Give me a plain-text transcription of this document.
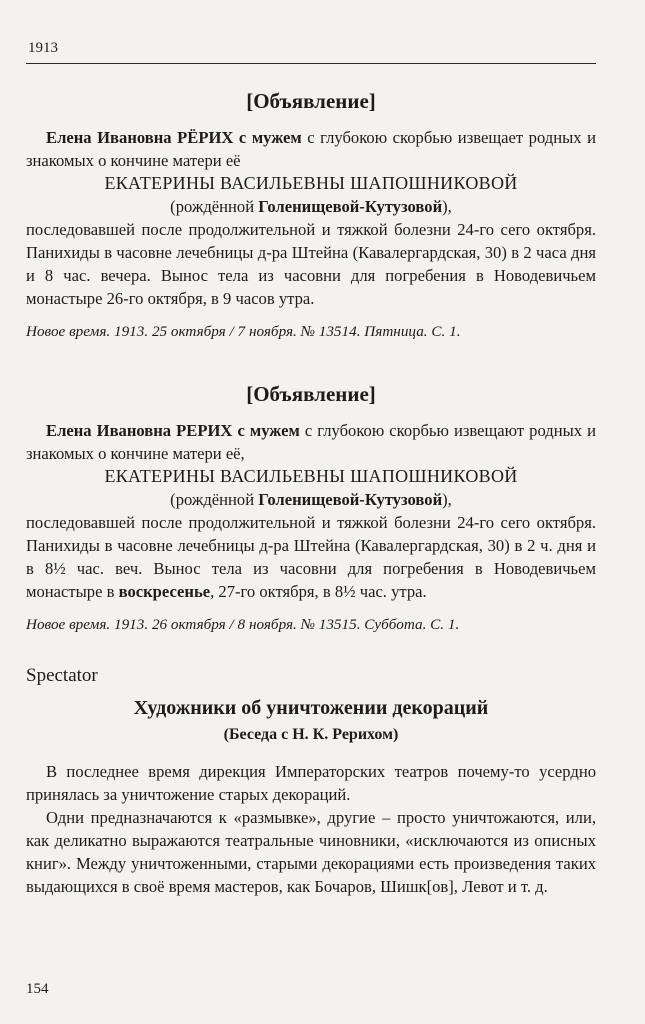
1913
[Объявление]

Елена Ивановна РЁРИХ с мужем с глубокою скорбью извещает родных и знакомых о кончине матери её

ЕКАТЕРИНЫ ВАСИЛЬЕВНЫ ШАПОШНИКОВОЙ

(рождённой Голенищевой-Кутузовой),

последовавшей после продолжительной и тяжкой болезни 24-го сего октября. Панихиды в часовне лечебницы д-ра Штейна (Кавалергардская, 30) в 2 часа дня и 8 час. вечера. Вынос тела из часовни для погребения в Новодевичьем монастыре 26-го октября, в 9 часов утра.

Новое время. 1913. 25 октября / 7 ноября. № 13514. Пятница. С. 1.

[Объявление]

Елена Ивановна РЕРИХ с мужем с глубокою скорбью извещают родных и знакомых о кончине матери её,

ЕКАТЕРИНЫ ВАСИЛЬЕВНЫ ШАПОШНИКОВОЙ

(рождённой Голенищевой-Кутузовой),

последовавшей после продолжительной и тяжкой болезни 24-го сего октября. Панихиды в часовне лечебницы д-ра Штейна (Кавалергардская, 30) в 2 ч. дня и в 8½ час. веч. Вынос тела из часовни для погребения в Новодевичьем монастыре в воскресенье, 27-го октября, в 8½ час. утра.

Новое время. 1913. 26 октября / 8 ноября. № 13515. Суббота. С. 1.

Spectator
Художники об уничтожении декораций
(Беседа с Н. К. Рерихом)

В последнее время дирекция Императорских театров почему-то усердно принялась за уничтожение старых декораций.

Одни предназначаются к «размывке», другие – просто уничтожаются, или, как деликатно выражаются театральные чиновники, «исключаются из описных книг». Между уничтоженными, старыми декорациями есть произведения таких выдающихся в своё время мастеров, как Бочаров, Шишк[ов], Левот и т. д.

154
